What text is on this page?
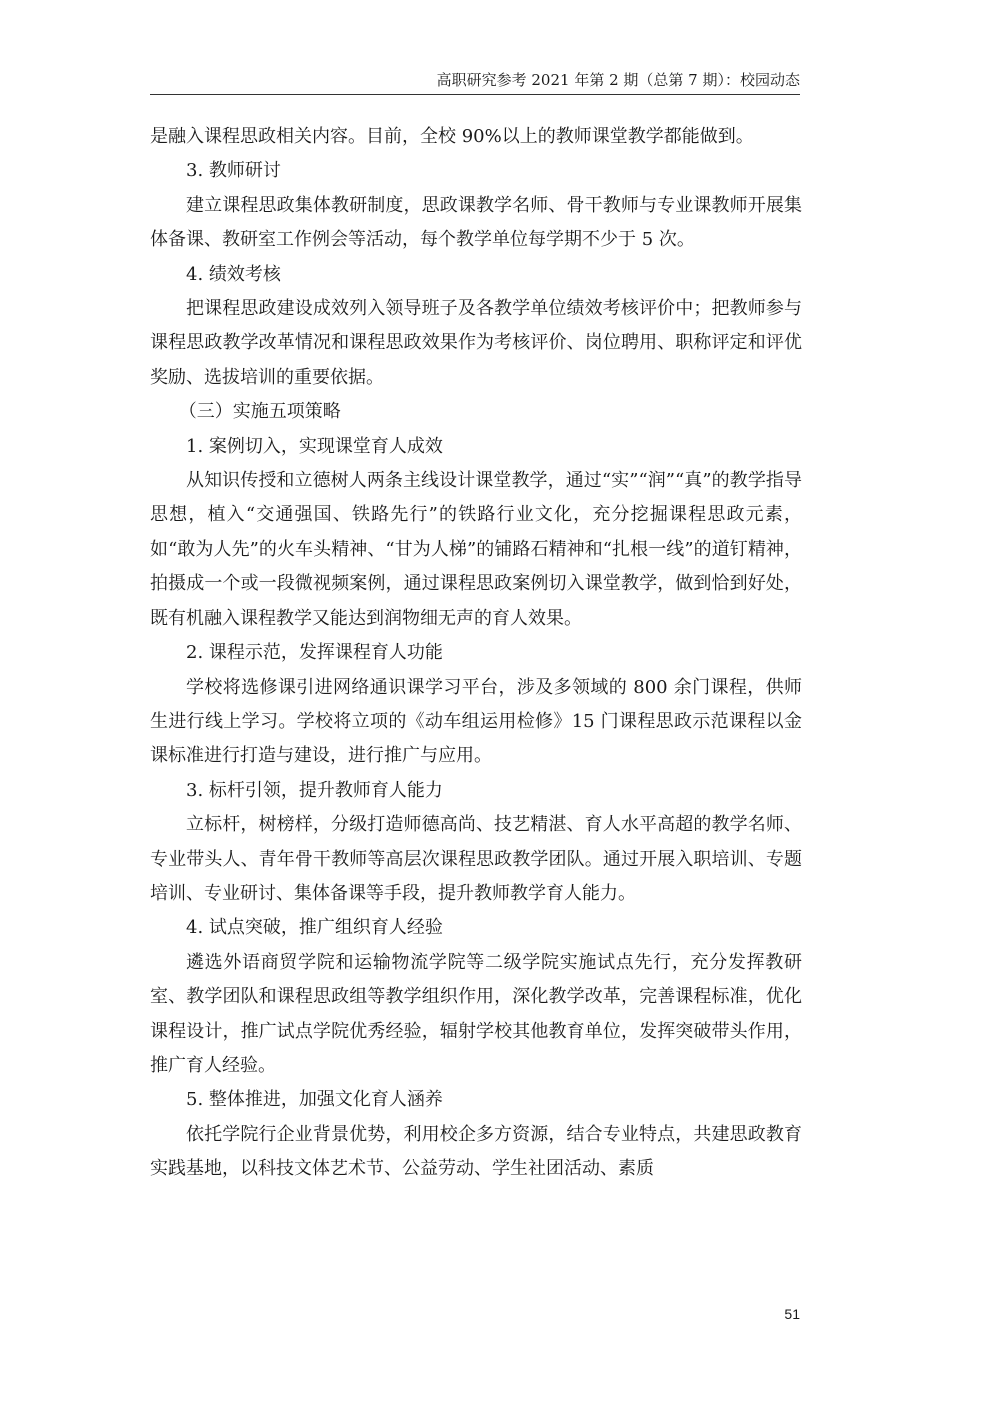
高职研究参考 2021 年第 2 期（总第 7 期）：校园动态

是融入课程思政相关内容。目前，全校 90%以上的教师课堂教学都能做到。

3. 教师研讨

建立课程思政集体教研制度，思政课教学名师、骨干教师与专业课教师开展集体备课、教研室工作例会等活动，每个教学单位每学期不少于 5 次。

4. 绩效考核

把课程思政建设成效列入领导班子及各教学单位绩效考核评价中；把教师参与课程思政教学改革情况和课程思政效果作为考核评价、岗位聘用、职称评定和评优奖励、选拔培训的重要依据。

（三）实施五项策略

1. 案例切入，实现课堂育人成效

从知识传授和立德树人两条主线设计课堂教学，通过“实”“润”“真”的教学指导思想，植入“交通强国、铁路先行”的铁路行业文化，充分挖掘课程思政元素，如“敢为人先”的火车头精神、“甘为人梯”的铺路石精神和“扎根一线”的道钉精神，拍摄成一个或一段微视频案例，通过课程思政案例切入课堂教学，做到恰到好处，既有机融入课程教学又能达到润物细无声的育人效果。

2. 课程示范，发挥课程育人功能

学校将选修课引进网络通识课学习平台，涉及多领域的 800 余门课程，供师生进行线上学习。学校将立项的《动车组运用检修》15 门课程思政示范课程以金课标准进行打造与建设，进行推广与应用。

3. 标杆引领，提升教师育人能力

立标杆，树榜样，分级打造师德高尚、技艺精湛、育人水平高超的教学名师、专业带头人、青年骨干教师等高层次课程思政教学团队。通过开展入职培训、专题培训、专业研讨、集体备课等手段，提升教师教学育人能力。

4. 试点突破，推广组织育人经验

遴选外语商贸学院和运输物流学院等二级学院实施试点先行，充分发挥教研室、教学团队和课程思政组等教学组织作用，深化教学改革，完善课程标准，优化课程设计，推广试点学院优秀经验，辐射学校其他教育单位，发挥突破带头作用，推广育人经验。

5. 整体推进，加强文化育人涵养

依托学院行企业背景优势，利用校企多方资源，结合专业特点，共建思政教育实践基地，以科技文体艺术节、公益劳动、学生社团活动、素质

51
